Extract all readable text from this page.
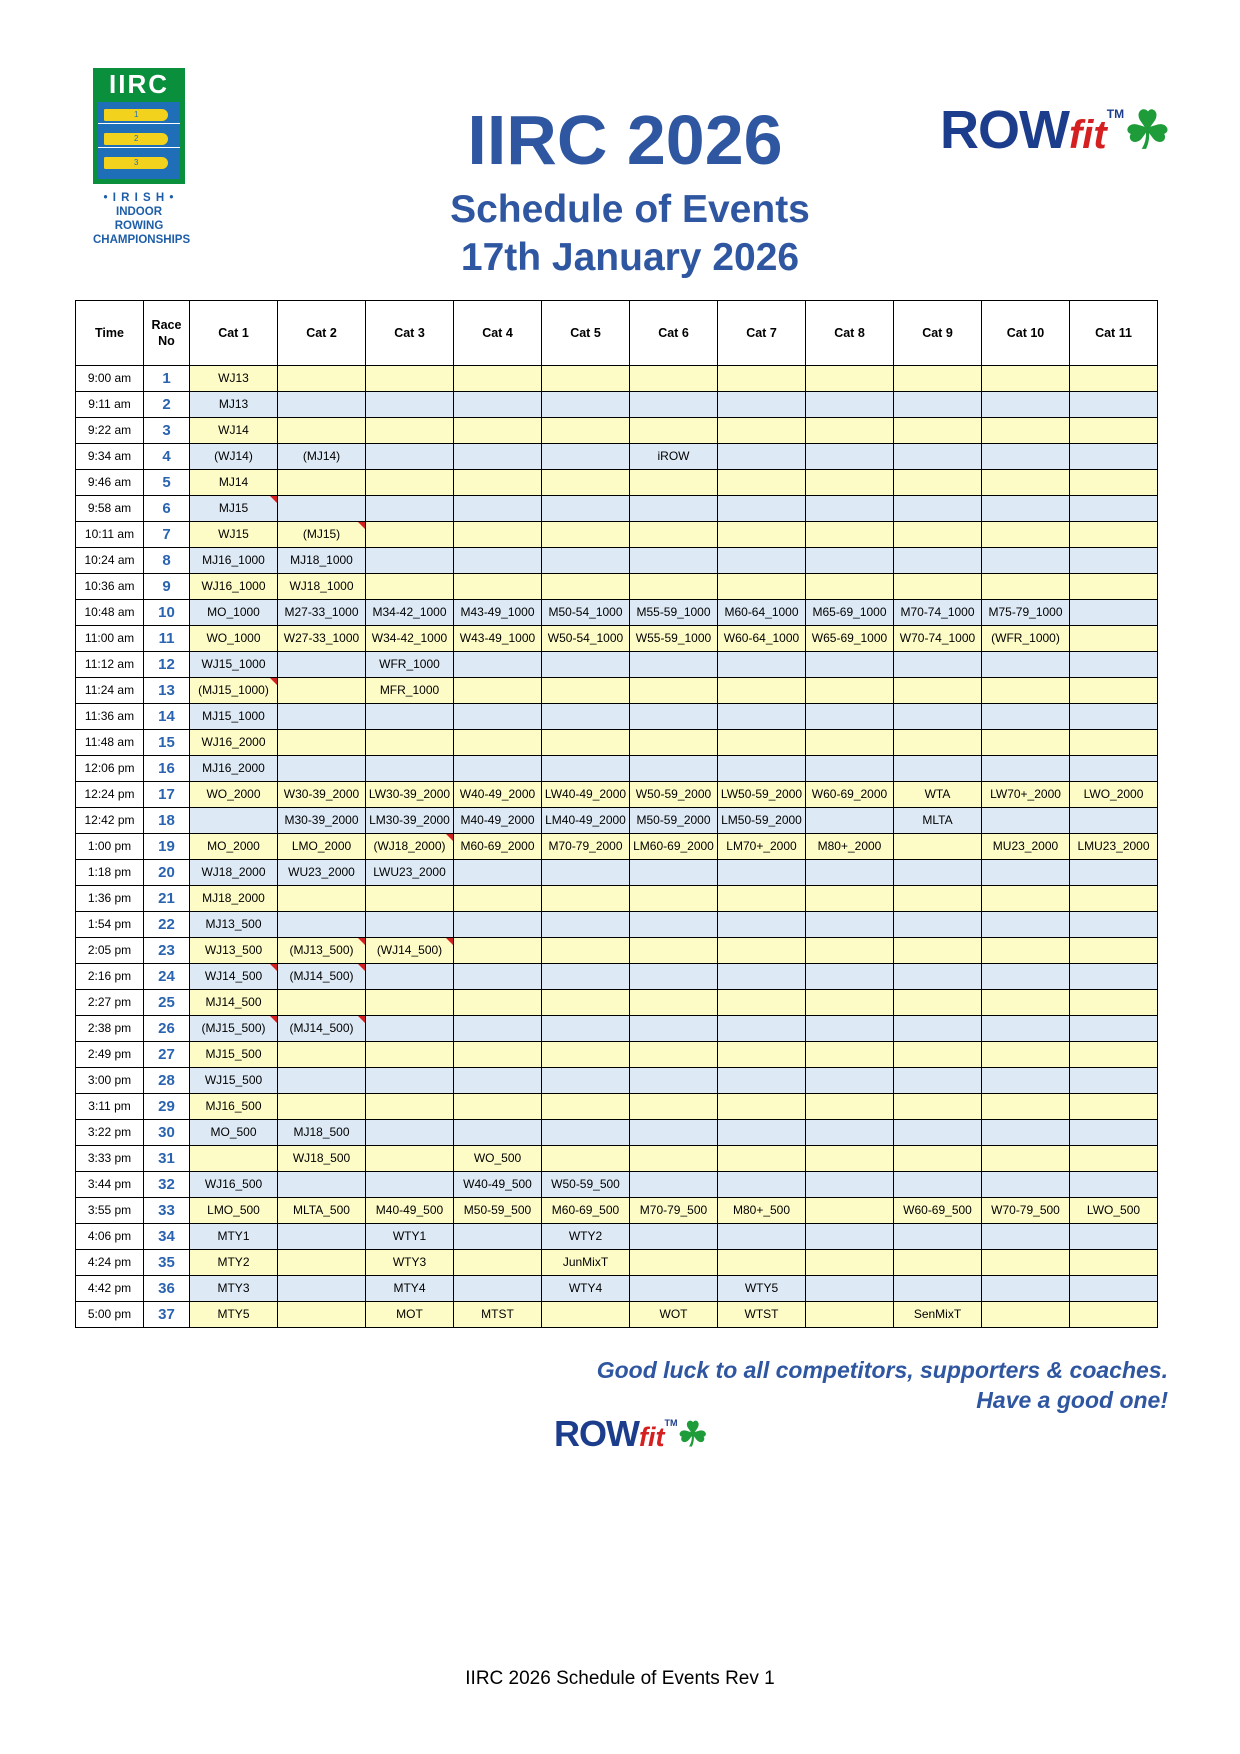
IIRC
1
2
3
• I R I S H •
INDOOR ROWING
CHAMPIONSHIPS
IIRC 2026
Schedule of Events
17th January 2026
ROWfit™☘
Time	Race No	Cat 1	Cat 2	Cat 3	Cat 4	Cat 5	Cat 6	Cat 7	Cat 8	Cat 9	Cat 10	Cat 11
9:00 am	1	WJ13										
9:11 am	2	MJ13										
9:22 am	3	WJ14										
9:34 am	4	(WJ14)	(MJ14)				iROW					
9:46 am	5	MJ14										
9:58 am	6	MJ15										
10:11 am	7	WJ15	(MJ15)									
10:24 am	8	MJ16_1000	MJ18_1000									
10:36 am	9	WJ16_1000	WJ18_1000									
10:48 am	10	MO_1000	M27-33_1000	M34-42_1000	M43-49_1000	M50-54_1000	M55-59_1000	M60-64_1000	M65-69_1000	M70-74_1000	M75-79_1000	
11:00 am	11	WO_1000	W27-33_1000	W34-42_1000	W43-49_1000	W50-54_1000	W55-59_1000	W60-64_1000	W65-69_1000	W70-74_1000	(WFR_1000)	
11:12 am	12	WJ15_1000		WFR_1000								
11:24 am	13	(MJ15_1000)		MFR_1000								
11:36 am	14	MJ15_1000										
11:48 am	15	WJ16_2000										
12:06 pm	16	MJ16_2000										
12:24 pm	17	WO_2000	W30-39_2000	LW30-39_2000	W40-49_2000	LW40-49_2000	W50-59_2000	LW50-59_2000	W60-69_2000	WTA	LW70+_2000	LWO_2000
12:42 pm	18		M30-39_2000	LM30-39_2000	M40-49_2000	LM40-49_2000	M50-59_2000	LM50-59_2000		MLTA		
1:00 pm	19	MO_2000	LMO_2000	(WJ18_2000)	M60-69_2000	M70-79_2000	LM60-69_2000	LM70+_2000	M80+_2000		MU23_2000	LMU23_2000
1:18 pm	20	WJ18_2000	WU23_2000	LWU23_2000								
1:36 pm	21	MJ18_2000										
1:54 pm	22	MJ13_500										
2:05 pm	23	WJ13_500	(MJ13_500)	(WJ14_500)								
2:16 pm	24	WJ14_500	(MJ14_500)									
2:27 pm	25	MJ14_500										
2:38 pm	26	(MJ15_500)	(MJ14_500)									
2:49 pm	27	MJ15_500										
3:00 pm	28	WJ15_500										
3:11 pm	29	MJ16_500										
3:22 pm	30	MO_500	MJ18_500									
3:33 pm	31		WJ18_500		WO_500							
3:44 pm	32	WJ16_500			W40-49_500	W50-59_500						
3:55 pm	33	LMO_500	MLTA_500	M40-49_500	M50-59_500	M60-69_500	M70-79_500	M80+_500		W60-69_500	W70-79_500	LWO_500
4:06 pm	34	MTY1		WTY1		WTY2						
4:24 pm	35	MTY2		WTY3		JunMixT						
4:42 pm	36	MTY3		MTY4		WTY4		WTY5				
5:00 pm	37	MTY5		MOT	MTST		WOT	WTST		SenMixT		
Good luck to all competitors, supporters & coaches.
Have a good one!
ROWfit™☘
IIRC 2026 Schedule of Events Rev 1
